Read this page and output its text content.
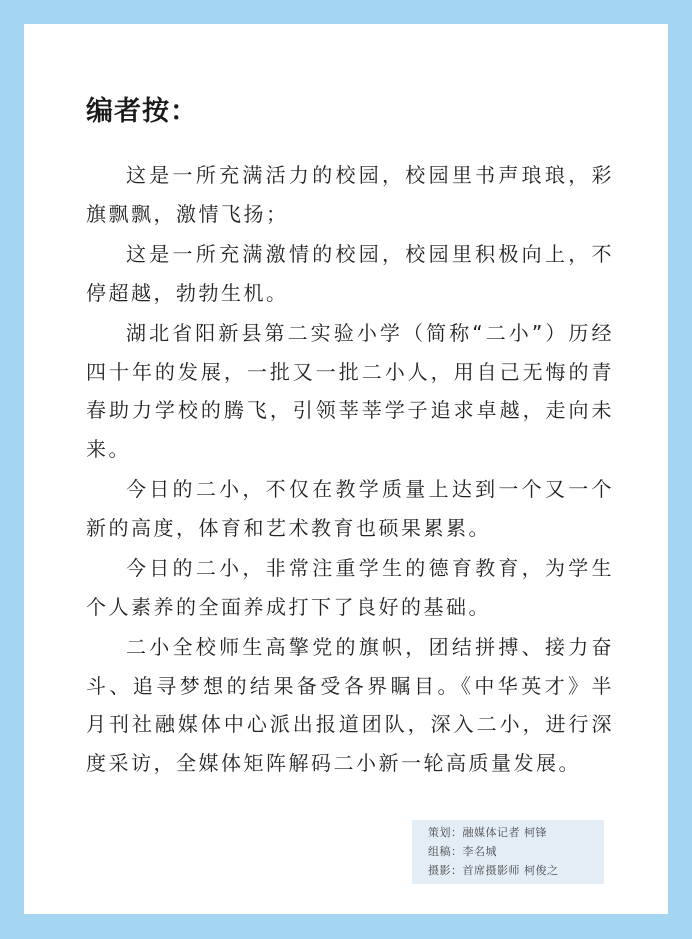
编者按：

这是一所充满活力的校园，校园里书声琅琅，彩旗飘飘，激情飞扬；

这是一所充满激情的校园，校园里积极向上，不停超越，勃勃生机。

湖北省阳新县第二实验小学（简称“二小”）历经四十年的发展，一批又一批二小人，用自己无悔的青春助力学校的腾飞，引领莘莘学子追求卓越，走向未来。

今日的二小，不仅在教学质量上达到一个又一个新的高度，体育和艺术教育也硕果累累。

今日的二小，非常注重学生的德育教育，为学生个人素养的全面养成打下了良好的基础。

二小全校师生高擎党的旗帜，团结拼搏、接力奋斗、追寻梦想的结果备受各界瞩目。《中华英才》半月刊社融媒体中心派出报道团队，深入二小，进行深度采访，全媒体矩阵解码二小新一轮高质量发展。

策划：融媒体记者 柯锋
组稿：李名城
摄影：首席摄影师 柯俊之
